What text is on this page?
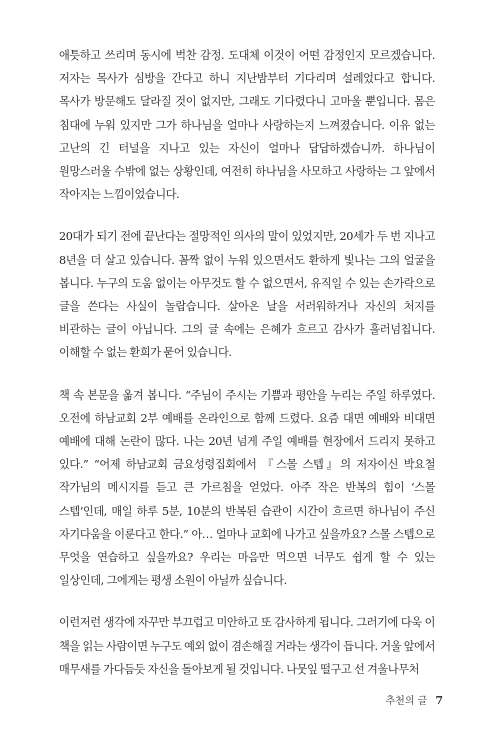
애틋하고 쓰리며 동시에 벅찬 감정. 도대체 이것이 어떤 감정인지 모르겠습니다. 저자는 목사가 심방을 간다고 하니 지난밤부터 기다리며 설레었다고 합니다. 목사가 방문해도 달라질 것이 없지만, 그래도 기다렸다니 고마울 뿐입니다. 몸은 침대에 누워 있지만 그가 하나님을 얼마나 사랑하는지 느껴졌습니다. 이유 없는 고난의 긴 터널을 지나고 있는 자신이 얼마나 답답하겠습니까. 하나님이 원망스러울 수밖에 없는 상황인데, 여전히 하나님을 사모하고 사랑하는 그 앞에서 작아지는 느낌이었습니다.

20대가 되기 전에 끝난다는 절망적인 의사의 말이 있었지만, 20세가 두 번 지나고 8년을 더 살고 있습니다. 꼼짝 없이 누워 있으면서도 환하게 빛나는 그의 얼굴을 봅니다. 누구의 도움 없이는 아무것도 할 수 없으면서, 유직일 수 있는 손가락으로 글을 쓴다는 사실이 놀랍습니다. 살아온 날을 서러워하거나 자신의 처지를 비관하는 글이 아닙니다. 그의 글 속에는 은혜가 흐르고 감사가 흘러넘칩니다. 이해할 수 없는 환희가 묻어 있습니다.

책 속 본문을 옮겨 봅니다. “주님이 주시는 기쁨과 평안을 누리는 주일 하루였다. 오전에 하남교회 2부 예배를 온라인으로 함께 드렸다. 요즘 대면 예배와 비대면 예배에 대해 논란이 많다. 나는 20년 넘게 주일 예배를 현장에서 드리지 못하고 있다.” “어제 하남교회 금요성령집회에서 『스몰 스텝』의 저자이신 박요철 작가님의 메시지를 듣고 큰 가르침을 얻었다. 아주 작은 반복의 힘이 ‘스몰 스텝’인데, 매일 하루 5분, 10분의 반복된 습관이 시간이 흐르면 하나님이 주신 자기다움을 이룬다고 한다.” 아… 얼마나 교회에 나가고 싶을까요? 스몰 스텝으로 무엇을 연습하고 싶을까요? 우리는 마음만 먹으면 너무도 쉽게 할 수 있는 일상인데, 그에게는 평생 소원이 아닐까 싶습니다.

이런저런 생각에 자꾸만 부끄럽고 미안하고 또 감사하게 됩니다. 그러기에 다욱 이 책을 읽는 사람이면 누구도 예외 없이 겸손해질 거라는 생각이 듭니다. 거울 앞에서 매무새를 가다듬듯 자신을 돌아보게 될 것입니다. 나뭇잎 떨구고 선 겨울나무처

추천의 글 7
